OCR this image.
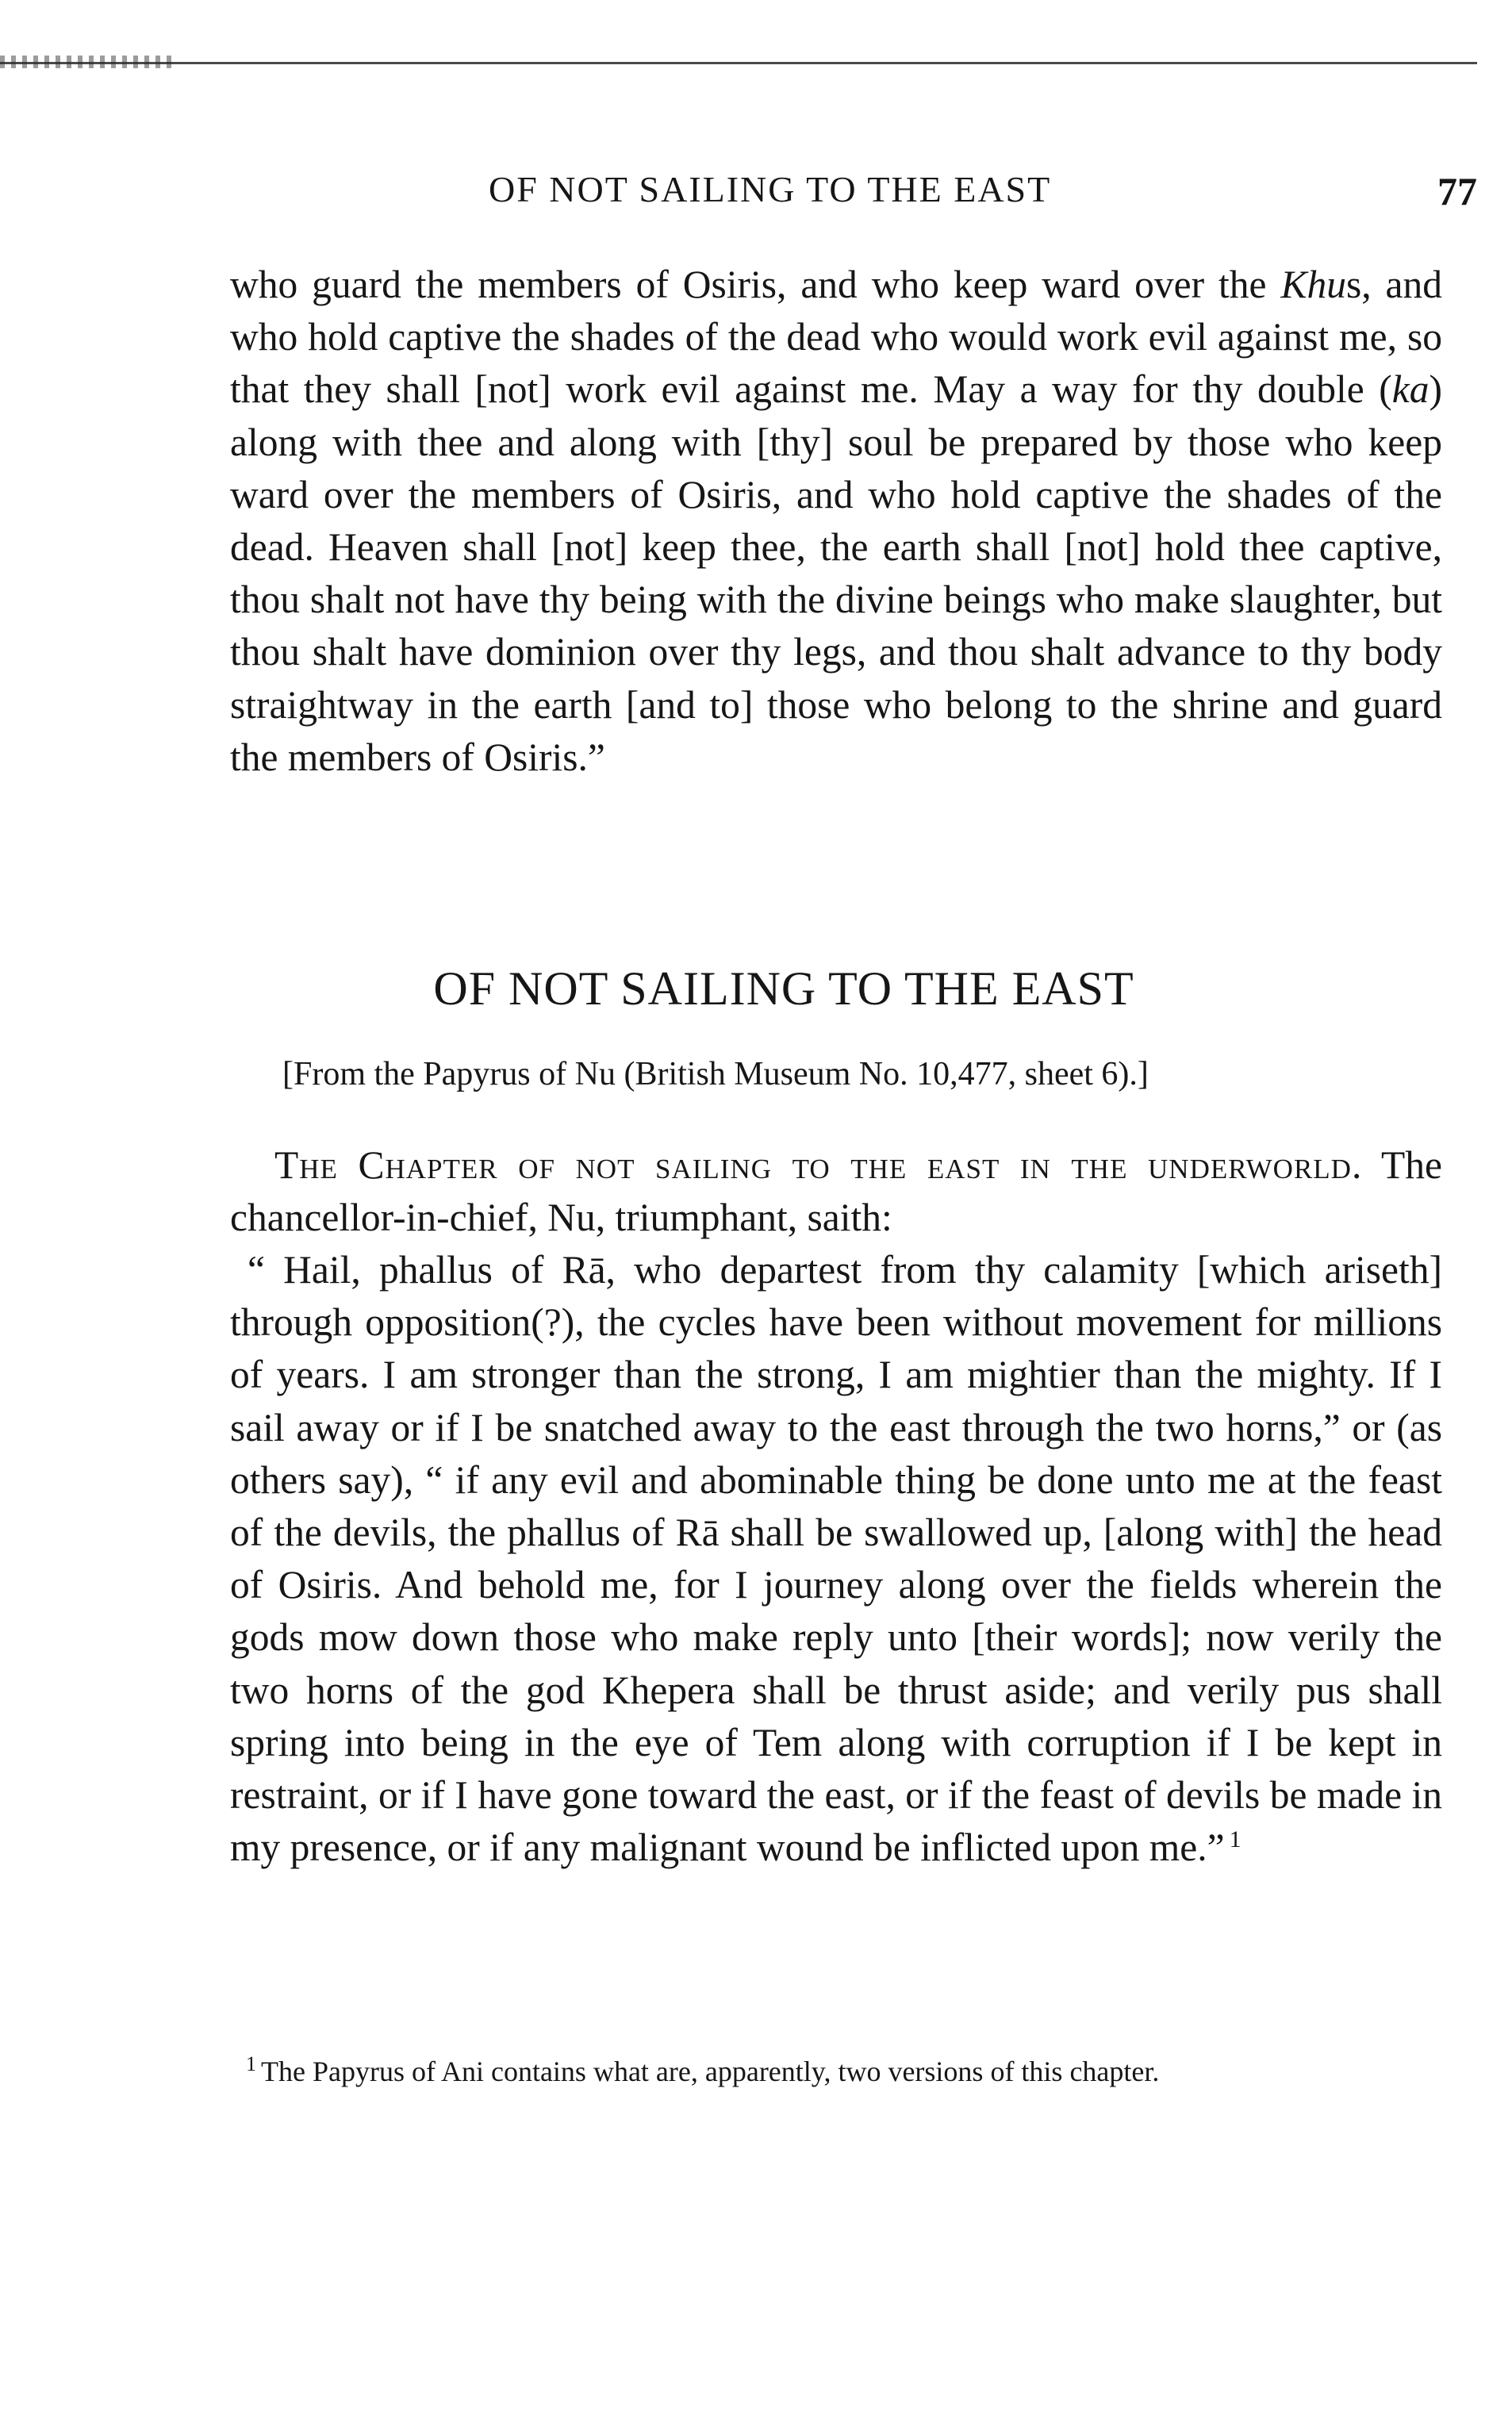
OF NOT SAILING TO THE EAST	77

who guard the members of Osiris, and who keep ward over the Khus, and who hold captive the shades of the dead who would work evil against me, so that they shall [not] work evil against me. May a way for thy double (ka) along with thee and along with [thy] soul be prepared by those who keep ward over the members of Osiris, and who hold captive the shades of the dead. Heaven shall [not] keep thee, the earth shall [not] hold thee captive, thou shalt not have thy being with the divine beings who make slaughter, but thou shalt have dominion over thy legs, and thou shalt advance to thy body straightway in the earth [and to] those who belong to the shrine and guard the members of Osiris.”

OF NOT SAILING TO THE EAST
[From the Papyrus of Nu (British Museum No. 10,477, sheet 6).]

The Chapter of not sailing to the east in the underworld. The chancellor-in-chief, Nu, triumphant, saith:

“ Hail, phallus of Rā, who departest from thy calamity [which ariseth] through opposition(?), the cycles have been without movement for millions of years. I am stronger than the strong, I am mightier than the mighty. If I sail away or if I be snatched away to the east through the two horns,” or (as others say), “ if any evil and abominable thing be done unto me at the feast of the devils, the phallus of Rā shall be swallowed up, [along with] the head of Osiris. And behold me, for I journey along over the fields wherein the gods mow down those who make reply unto [their words]; now verily the two horns of the god Khepera shall be thrust aside; and verily pus shall spring into being in the eye of Tem along with corruption if I be kept in restraint, or if I have gone toward the east, or if the feast of devils be made in my presence, or if any malignant wound be inflicted upon me.” $^1$

$^1$ The Papyrus of Ani contains what are, apparently, two versions of this chapter.
